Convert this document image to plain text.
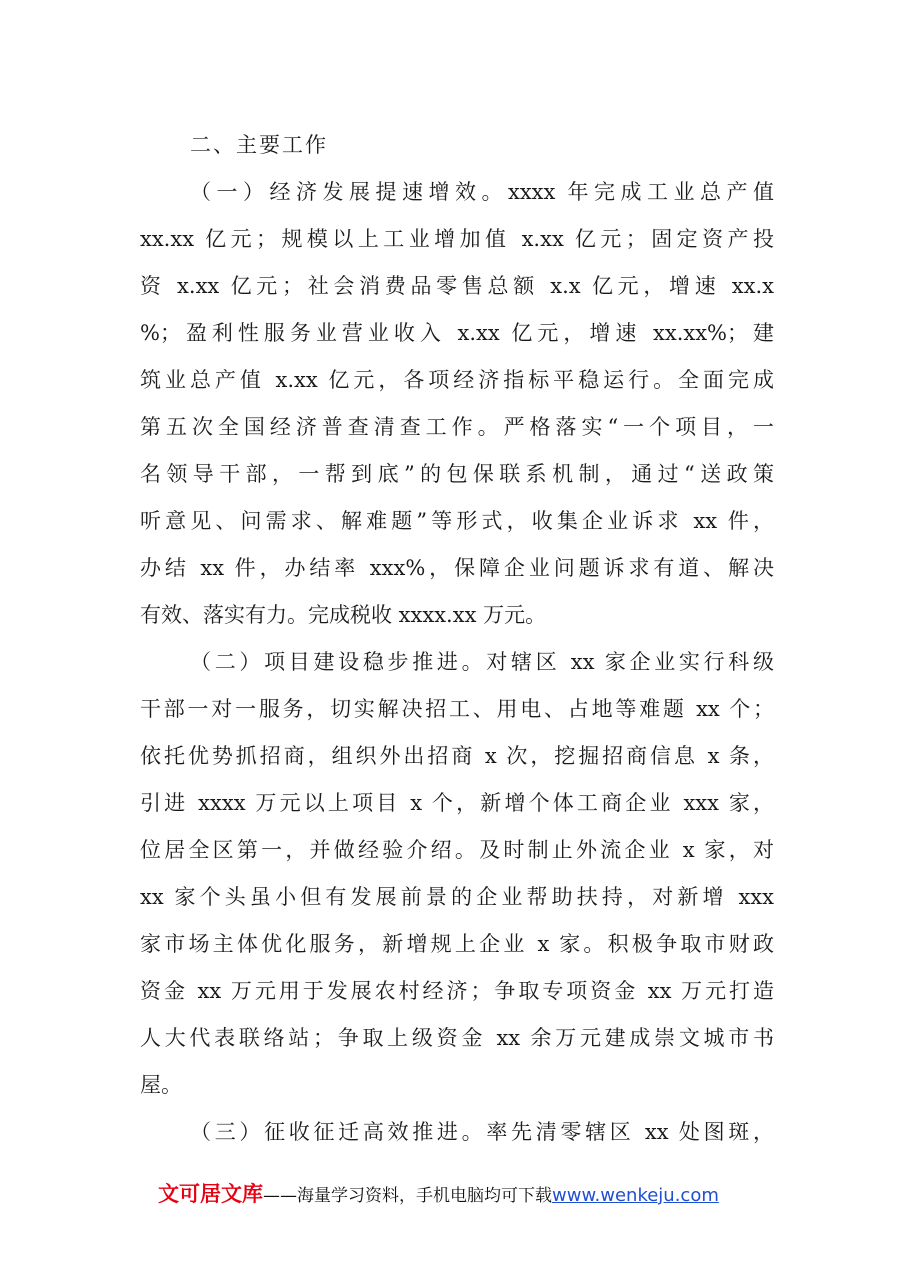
二、主要工作
（一）经济发展提速增效。xxxx 年完成工业总产值
xx.xx 亿元；规模以上工业增加值 x.xx 亿元；固定资产投
资 x.xx 亿元；社会消费品零售总额 x.x 亿元，增速 xx.x
%；盈利性服务业营业收入 x.xx 亿元，增速 xx.xx%；建
筑业总产值 x.xx 亿元，各项经济指标平稳运行。全面完成
第五次全国经济普查清查工作。严格落实“一个项目，一
名领导干部，一帮到底”的包保联系机制，通过“送政策
听意见、问需求、解难题”等形式，收集企业诉求 xx 件，
办结 xx 件，办结率 xxx%，保障企业问题诉求有道、解决
有效、落实有力。完成税收 xxxx.xx 万元。
（二）项目建设稳步推进。对辖区 xx 家企业实行科级
干部一对一服务，切实解决招工、用电、占地等难题 xx 个；
依托优势抓招商，组织外出招商 x 次，挖掘招商信息 x 条，
引进 xxxx 万元以上项目 x 个，新增个体工商企业 xxx 家，
位居全区第一，并做经验介绍。及时制止外流企业 x 家，对
xx 家个头虽小但有发展前景的企业帮助扶持，对新增 xxx
家市场主体优化服务，新增规上企业 x 家。积极争取市财政
资金 xx 万元用于发展农村经济；争取专项资金 xx 万元打造
人大代表联络站；争取上级资金 xx 余万元建成崇文城市书
屋。
（三）征收征迁高效推进。率先清零辖区 xx 处图斑，
文可居文库 ——海量学习资料，手机电脑均可下载 www.wenkeju.com
